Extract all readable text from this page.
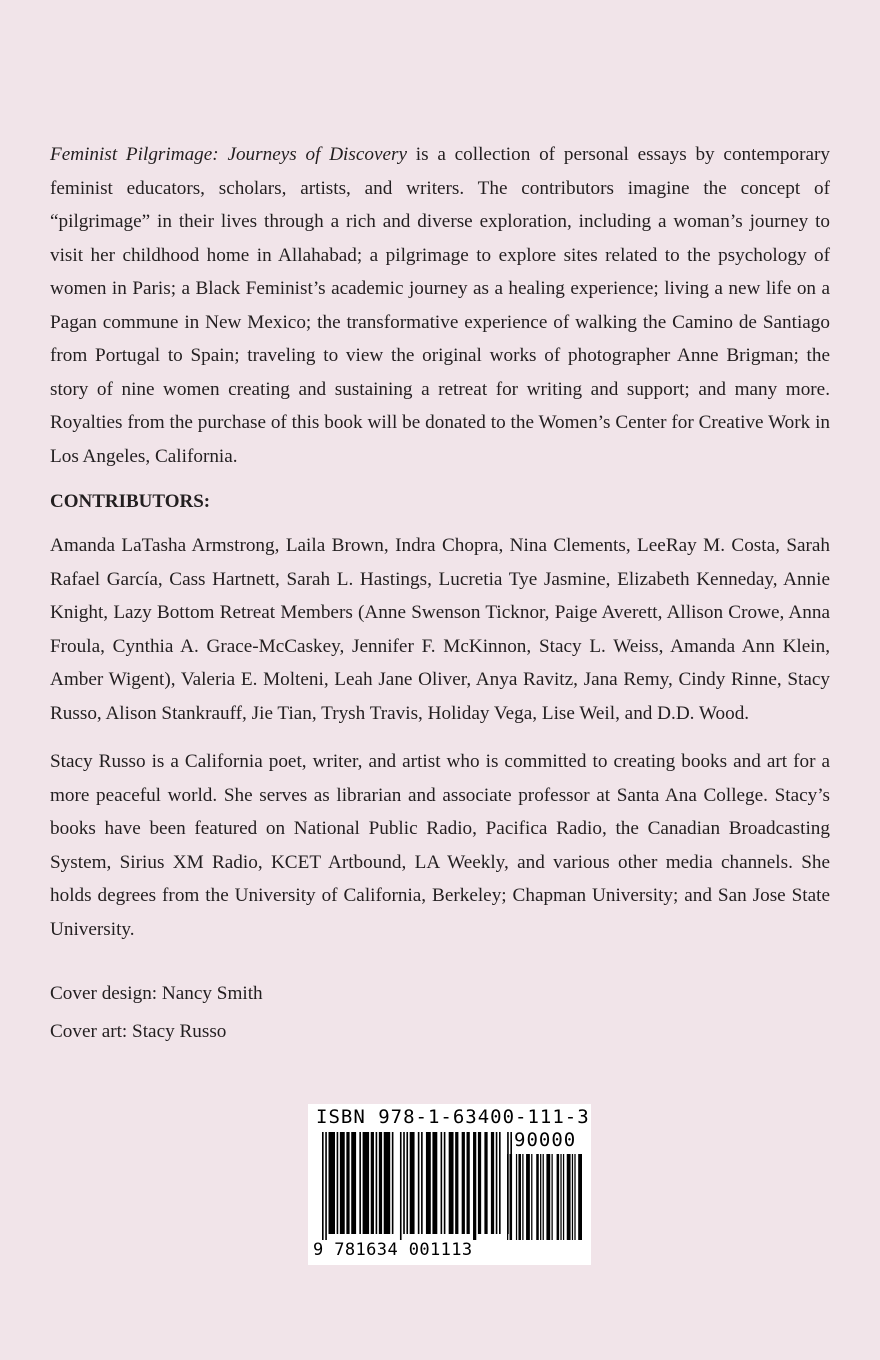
Feminist Pilgrimage: Journeys of Discovery is a collection of personal essays by contemporary feminist educators, scholars, artists, and writers. The contributors imagine the concept of “pilgrimage” in their lives through a rich and diverse exploration, including a woman’s journey to visit her childhood home in Allahabad; a pilgrimage to explore sites related to the psychology of women in Paris; a Black Feminist’s academic journey as a healing experience; living a new life on a Pagan commune in New Mexico; the transformative experience of walking the Camino de Santiago from Portugal to Spain; traveling to view the original works of photographer Anne Brigman; the story of nine women creating and sustaining a retreat for writing and support; and many more. Royalties from the purchase of this book will be donated to the Women’s Center for Creative Work in Los Angeles, California.

CONTRIBUTORS:

Amanda LaTasha Armstrong, Laila Brown, Indra Chopra, Nina Clements, LeeRay M. Costa, Sarah Rafael García, Cass Hartnett, Sarah L. Hastings, Lucretia Tye Jasmine, Elizabeth Kenneday, Annie Knight, Lazy Bottom Retreat Members (Anne Swenson Ticknor, Paige Averett, Allison Crowe, Anna Froula, Cynthia A. Grace-McCaskey, Jennifer F. McKinnon, Stacy L. Weiss, Amanda Ann Klein, Amber Wigent), Valeria E. Molteni, Leah Jane Oliver, Anya Ravitz, Jana Remy, Cindy Rinne, Stacy Russo, Alison Stankrauff, Jie Tian, Trysh Travis, Holiday Vega, Lise Weil, and D.D. Wood.

Stacy Russo is a California poet, writer, and artist who is committed to creating books and art for a more peaceful world. She serves as librarian and associate professor at Santa Ana College. Stacy’s books have been featured on National Public Radio, Pacifica Radio, the Canadian Broadcasting System, Sirius XM Radio, KCET Artbound, LA Weekly, and various other media channels. She holds degrees from the University of California, Berkeley; Chapman University; and San Jose State University.

Cover design: Nancy Smith

Cover art: Stacy Russo

ISBN 978-1-63400-111-3
90000
9 781634 001113
